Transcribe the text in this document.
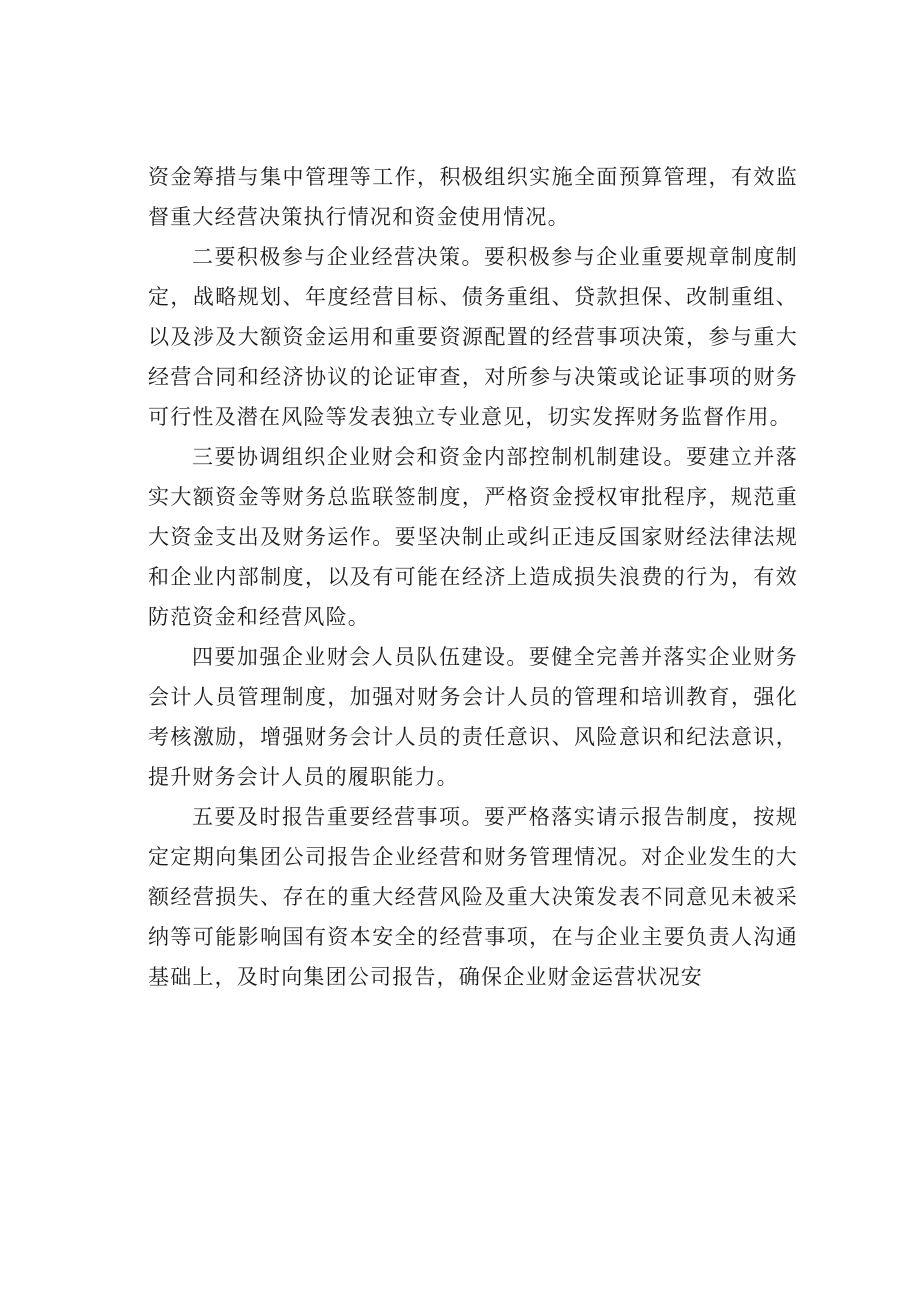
资金筹措与集中管理等工作，积极组织实施全面预算管理，有效监督重大经营决策执行情况和资金使用情况。

二要积极参与企业经营决策。要积极参与企业重要规章制度制定，战略规划、年度经营目标、债务重组、贷款担保、改制重组、以及涉及大额资金运用和重要资源配置的经营事项决策，参与重大经营合同和经济协议的论证审查，对所参与决策或论证事项的财务可行性及潜在风险等发表独立专业意见，切实发挥财务监督作用。

三要协调组织企业财会和资金内部控制机制建设。要建立并落实大额资金等财务总监联签制度，严格资金授权审批程序，规范重大资金支出及财务运作。要坚决制止或纠正违反国家财经法律法规和企业内部制度，以及有可能在经济上造成损失浪费的行为，有效防范资金和经营风险。

四要加强企业财会人员队伍建设。要健全完善并落实企业财务会计人员管理制度，加强对财务会计人员的管理和培训教育，强化考核激励，增强财务会计人员的责任意识、风险意识和纪法意识，提升财务会计人员的履职能力。

五要及时报告重要经营事项。要严格落实请示报告制度，按规定定期向集团公司报告企业经营和财务管理情况。对企业发生的大额经营损失、存在的重大经营风险及重大决策发表不同意见未被采纳等可能影响国有资本安全的经营事项，在与企业主要负责人沟通基础上，及时向集团公司报告，确保企业财金运营状况安
